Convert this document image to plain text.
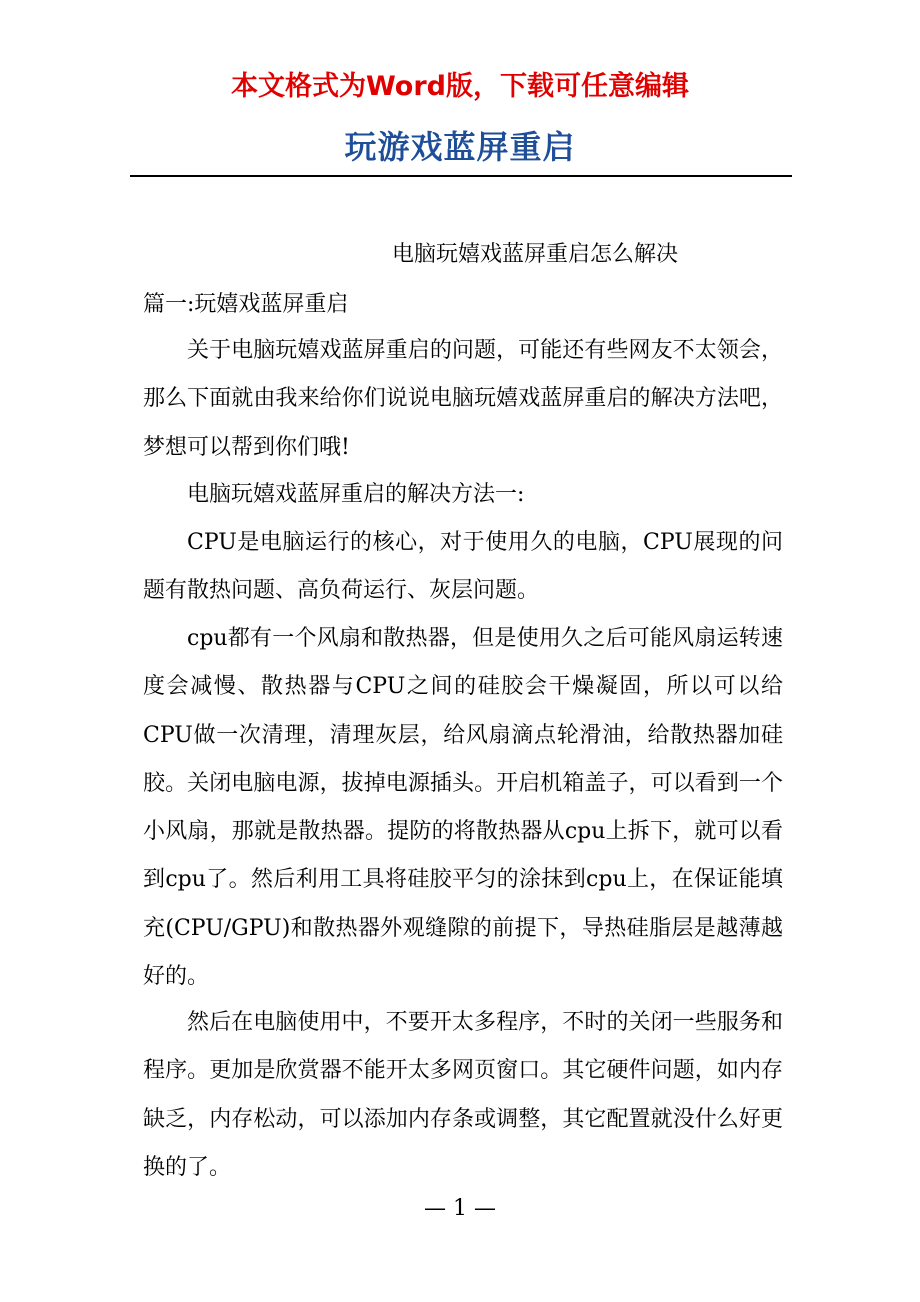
本文格式为Word版，下载可任意编辑
玩游戏蓝屏重启
电脑玩嬉戏蓝屏重启怎么解决
篇一:玩嬉戏蓝屏重启

关于电脑玩嬉戏蓝屏重启的问题，可能还有些网友不太领会，那么下面就由我来给你们说说电脑玩嬉戏蓝屏重启的解决方法吧，梦想可以帮到你们哦!

电脑玩嬉戏蓝屏重启的解决方法一:

CPU是电脑运行的核心，对于使用久的电脑，CPU展现的问题有散热问题、高负荷运行、灰层问题。

cpu都有一个风扇和散热器，但是使用久之后可能风扇运转速度会减慢、散热器与CPU之间的硅胶会干燥凝固，所以可以给CPU做一次清理，清理灰层，给风扇滴点轮滑油，给散热器加硅胶。关闭电脑电源，拔掉电源插头。开启机箱盖子，可以看到一个小风扇，那就是散热器。提防的将散热器从cpu上拆下，就可以看到cpu了。然后利用工具将硅胶平匀的涂抹到cpu上，在保证能填充(CPU/GPU)和散热器外观缝隙的前提下，导热硅脂层是越薄越好的。

然后在电脑使用中，不要开太多程序，不时的关闭一些服务和程序。更加是欣赏器不能开太多网页窗口。其它硬件问题，如内存缺乏，内存松动，可以添加内存条或调整，其它配置就没什么好更换的了。

— 1 —
